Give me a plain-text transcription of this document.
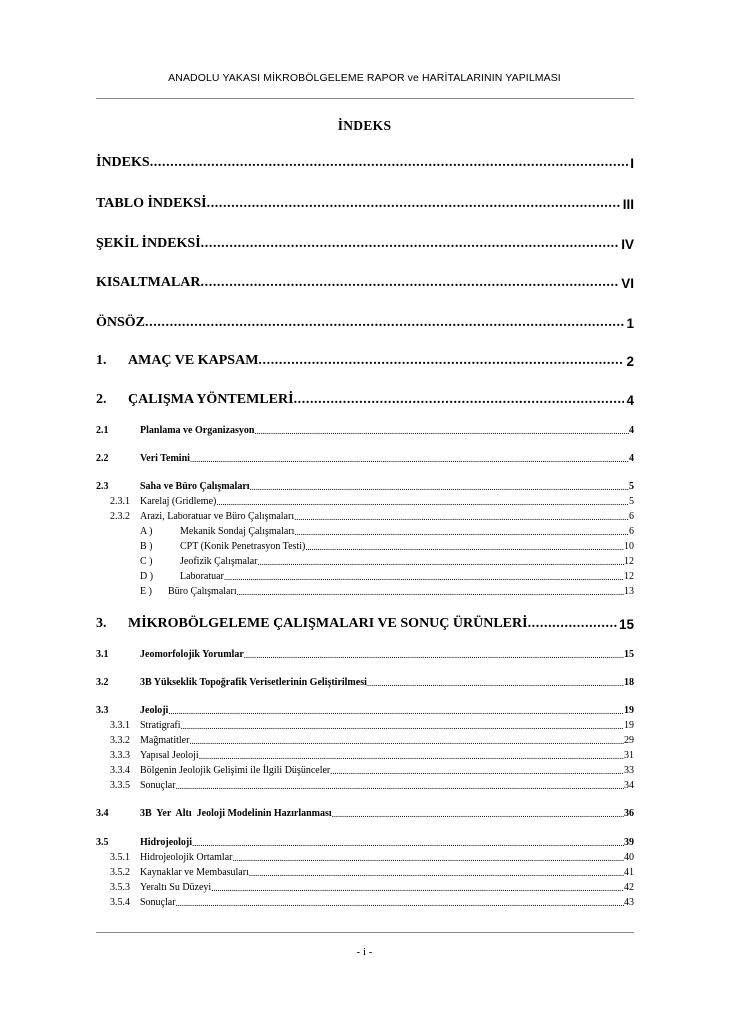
ANADOLU YAKASI MİKROBÖLGELEME RAPOR ve HARİTALARININ YAPILMASI
İNDEKS
İNDEKS .....	I
TABLO İNDEKSİ .....	III
ŞEKİL İNDEKSİ .....	IV
KISALTMALAR .....	VI
ÖNSÖZ .....	1
1.	AMAÇ VE KAPSAM .....	2
2.	ÇALIŞMA YÖNTEMLERİ .....	4
2.1	Planlama ve Organizasyon .....	4
2.2	Veri Temini .....	4
2.3	Saha ve Büro Çalışmaları .....	5
2.3.1	Karelaj (Gridleme) .....	5
2.3.2	Arazi, Laboratuar ve Büro Çalışmaları .....	6
A )	Mekanik Sondaj Çalışmaları .....	6
B )	CPT (Konik Penetrasyon Testi) .....	10
C )	Jeofizik Çalışmalar .....	12
D )	Laboratuar .....	12
E )	Büro Çalışmaları .....	13
3.	MİKROBÖLGELEME ÇALIŞMALARI VE SONUÇ ÜRÜNLERİ .....	15
3.1	Jeomorfolojik Yorumlar .....	15
3.2	3B Yükseklik Topoğrafik Verisetlerinin Geliştirilmesi .....	18
3.3	Jeoloji .....	19
3.3.1	Stratigrafi .....	19
3.3.2	Mağmatitler .....	29
3.3.3	Yapısal Jeoloji .....	31
3.3.4	Bölgenin Jeolojik Gelişimi ile İlgili Düşünceler .....	33
3.3.5	Sonuçlar .....	34
3.4	3B  Yer  Altı  Jeoloji Modelinin Hazırlanması .....	36
3.5	Hidrojeoloji .....	39
3.5.1	Hidrojeolojik Ortamlar .....	40
3.5.2	Kaynaklar ve Membasuları .....	41
3.5.3	Yeraltı Su Düzeyi .....	42
3.5.4	Sonuçlar .....	43
- i -
